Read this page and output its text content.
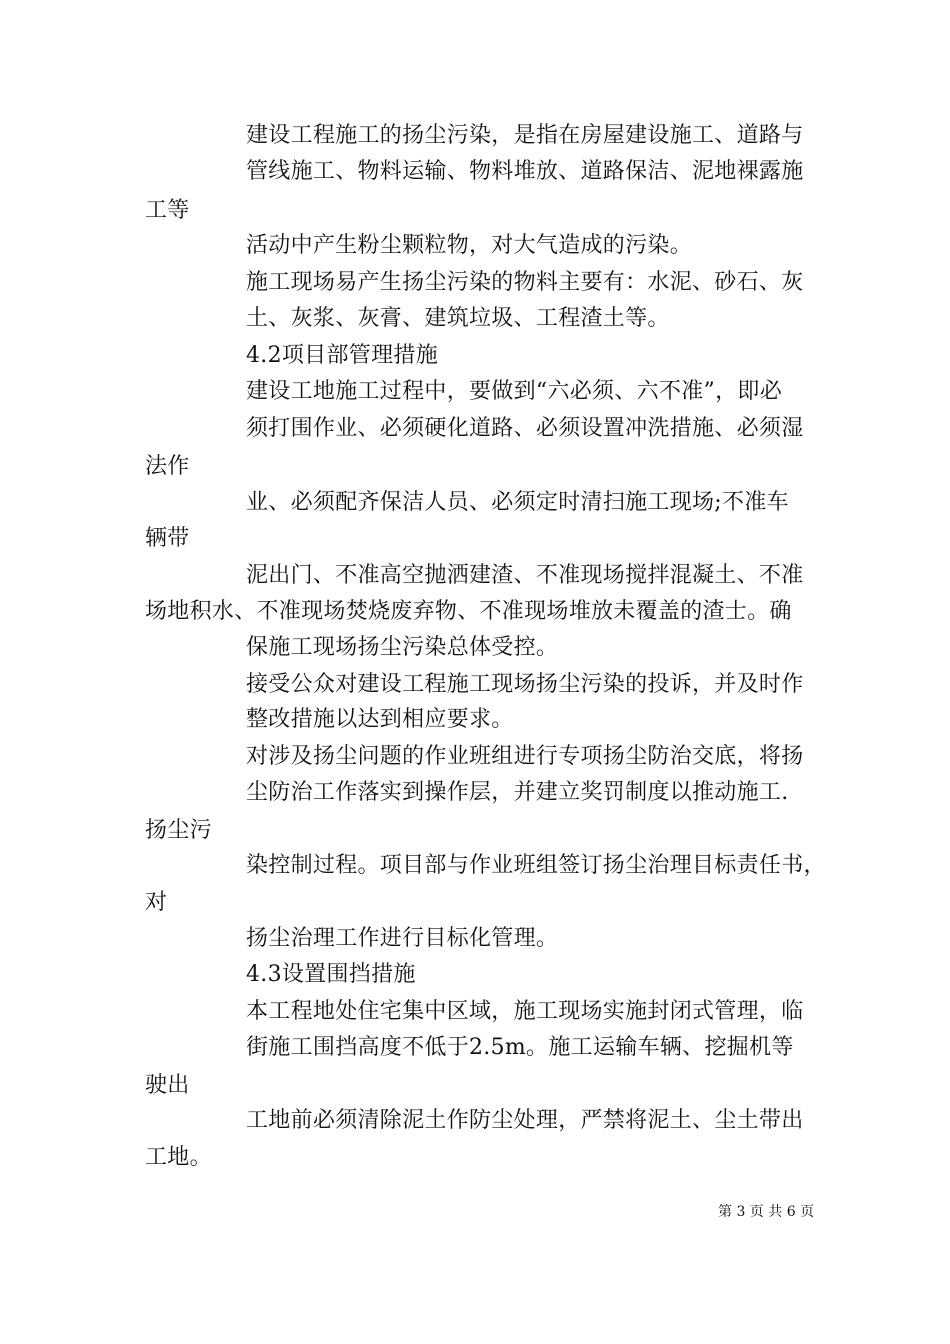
建设工程施工的扬尘污染，是指在房屋建设施工、道路与
管线施工、物料运输、物料堆放、道路保洁、泥地裸露施
工等
活动中产生粉尘颗粒物，对大气造成的污染。
施工现场易产生扬尘污染的物料主要有：水泥、砂石、灰
土、灰浆、灰膏、建筑垃圾、工程渣土等。
4.2项目部管理措施
建设工地施工过程中，要做到“六必须、六不准”，即必
须打围作业、必须硬化道路、必须设置冲洗措施、必须湿
法作
业、必须配齐保洁人员、必须定时清扫施工现场;不准车
辆带
泥出门、不准高空抛洒建渣、不准现场搅拌混凝土、不准
场地积水、不准现场焚烧废弃物、不准现场堆放未覆盖的渣士。确
保施工现场扬尘污染总体受控。
接受公众对建设工程施工现场扬尘污染的投诉，并及时作
整改措施以达到相应要求。
对涉及扬尘问题的作业班组进行专项扬尘防治交底，将扬
尘防治工作落实到操作层，并建立奖罚制度以推动施工.
扬尘污
染控制过程。项目部与作业班组签订扬尘治理目标责任书，
对
扬尘治理工作进行目标化管理。
4.3设置围挡措施
本工程地处住宅集中区域，施工现场实施封闭式管理，临
街施工围挡高度不低于2.5m。施工运输车辆、挖掘机等
驶出
工地前必须清除泥土作防尘处理，严禁将泥土、尘土带出
工地。
第 3 页 共 6 页
